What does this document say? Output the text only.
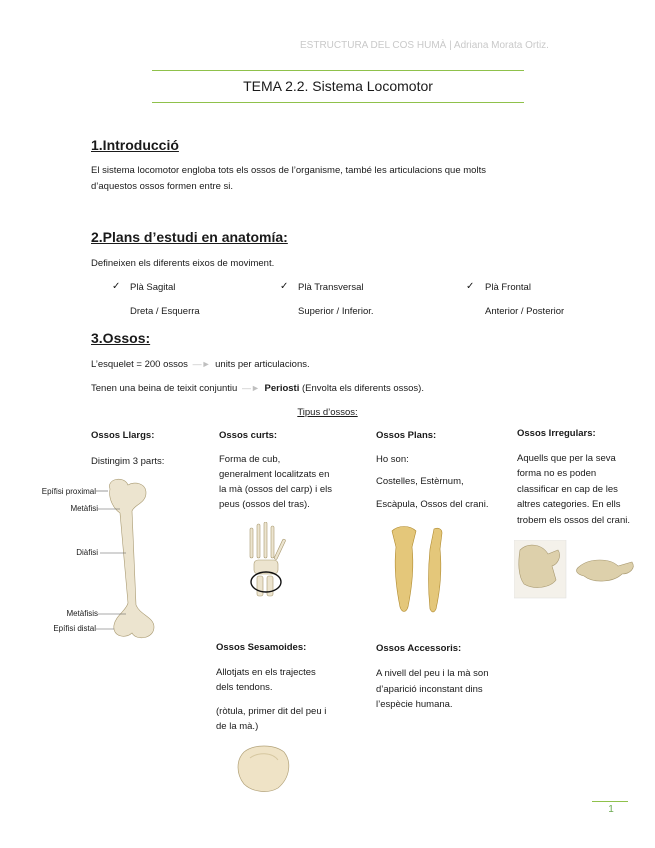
ESTRUCTURA DEL COS HUMÀ | Adriana Morata Ortiz.
TEMA 2.2. Sistema Locomotor
1.Introducció
El sistema locomotor engloba tots els ossos de l’organisme, també les articulacions que molts
d’aquestos ossos formen entre si.
2.Plans d’estudi en anatomía:
Defineixen els diferents eixos de moviment.
✓ Plà Sagital
Dreta / Esquerra
✓ Plà Transversal
Superior / Inferior.
✓ Plà Frontal
Anterior / Posterior
3.Ossos:
L’esquelet = 200 ossos —► units per articulacions.
Tenen una beina de teixit conjuntiu —► Periosti (Envolta els diferents ossos).
Tipus d’ossos:
Ossos Llargs:
Distingim 3 parts:
Epífisi proximal
Metàfisi
Diàfisi
Metàfisis
Epífisi distal
Ossos curts:
Forma de cub,
generalment localitzats en
la mà (ossos del carp) i els
peus (ossos del tras).
Ossos Plans:
Ho son:
Costelles, Estèrnum,
Escàpula, Ossos del crani.
Ossos Irregulars:
Aquells que per la seva
forma no es poden
classificar en cap de les
altres categories. En ells
trobem els ossos del crani.
Ossos Sesamoides:
Allotjats en els trajectes
dels tendons.
(ròtula, primer dit del peu i
de la mà.)
Ossos Accessoris:
A nivell del peu i la mà son
d’aparició inconstant dins
l’espècie humana.
1
